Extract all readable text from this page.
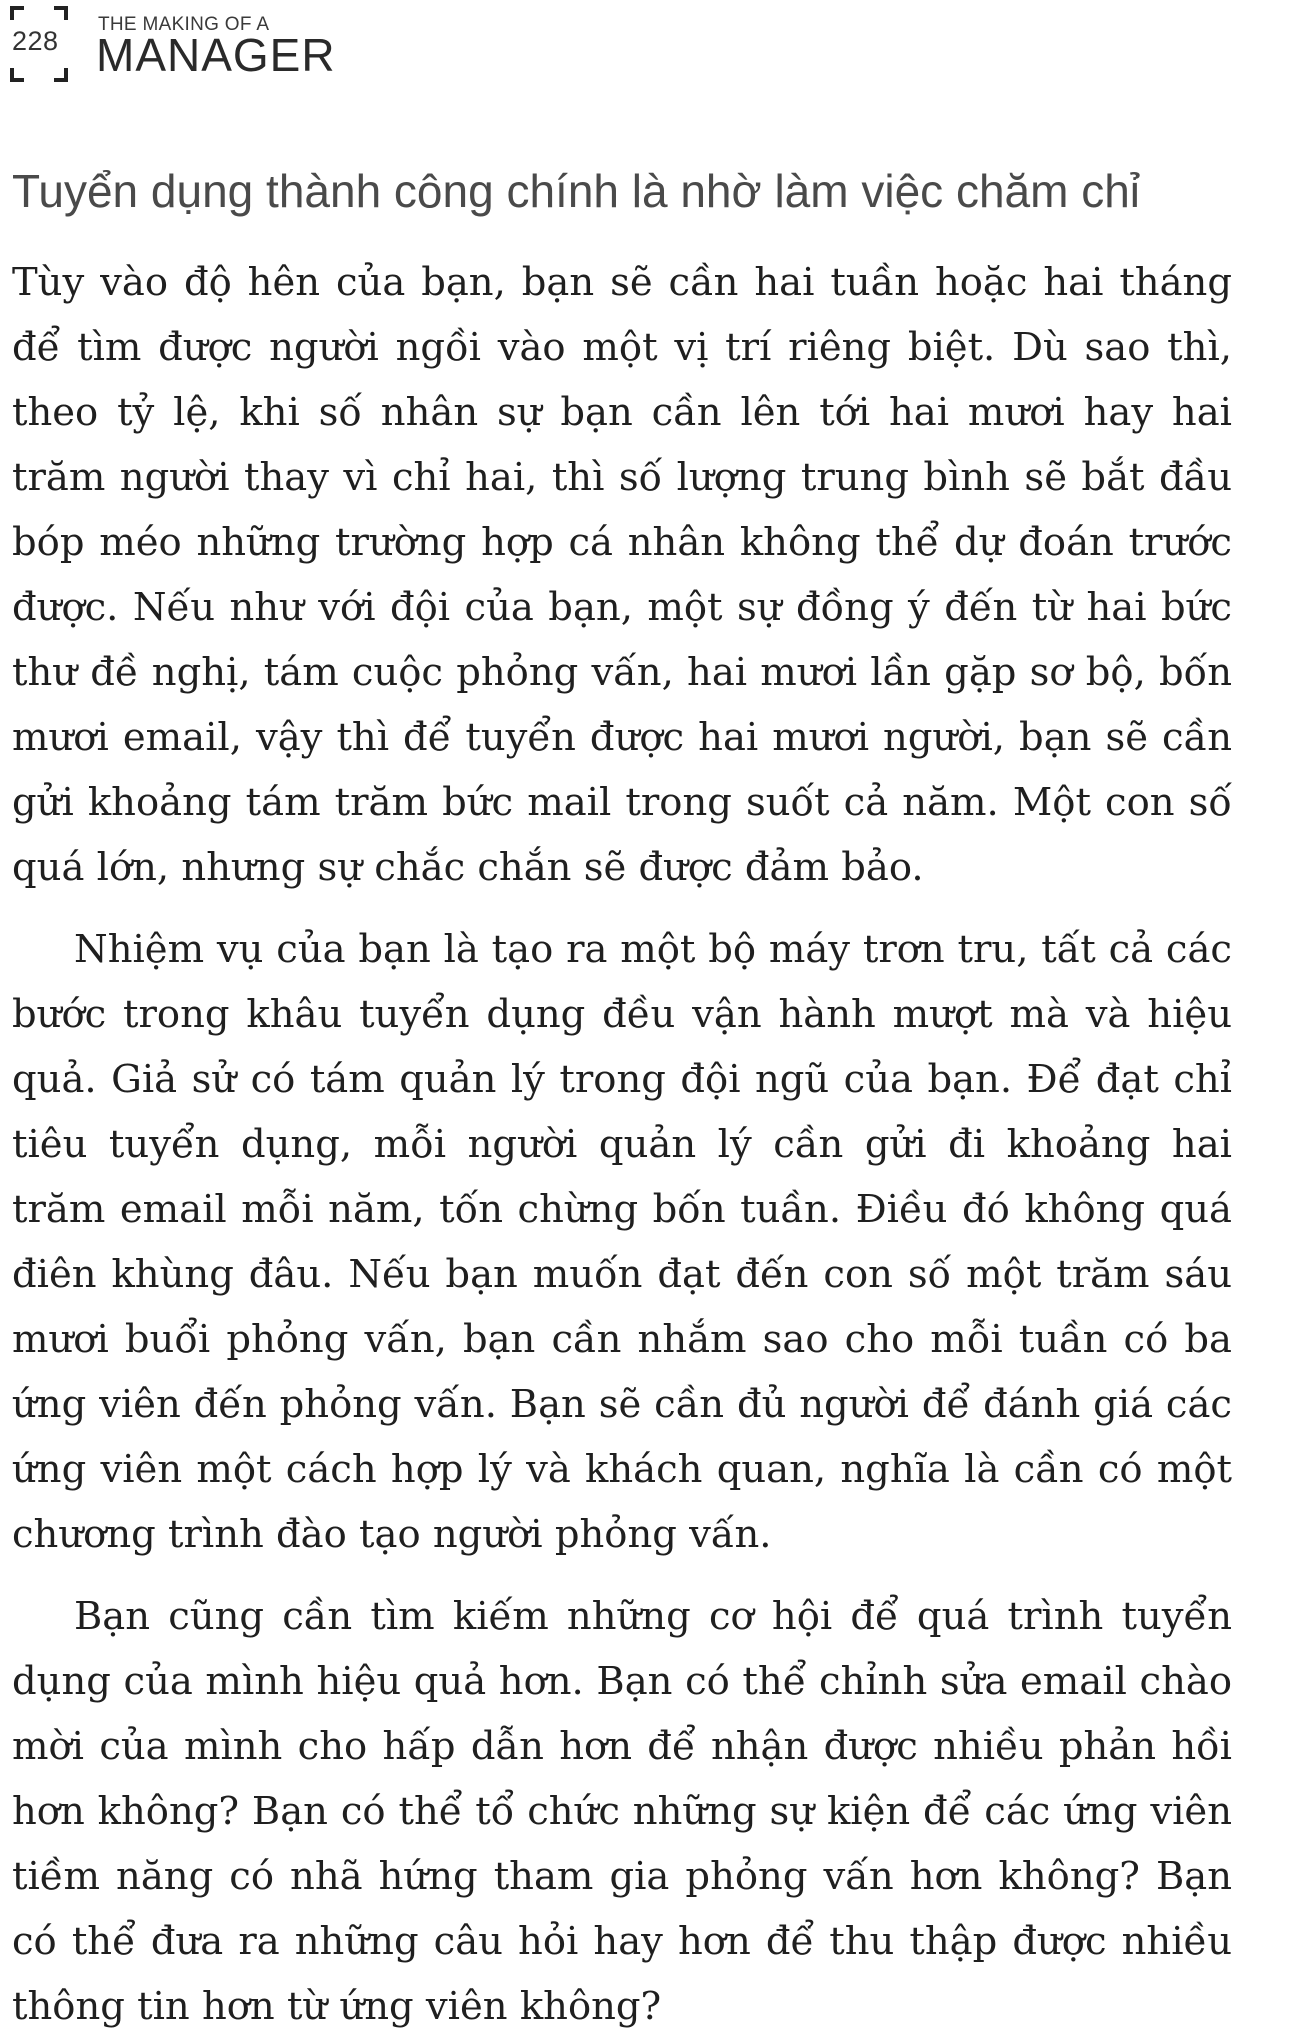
228
THE MAKING OF A
MANAGER
Tuyển dụng thành công chính là nhờ làm việc chăm chỉ

Tùy vào độ hên của bạn, bạn sẽ cần hai tuần hoặc hai tháng để tìm được người ngồi vào một vị trí riêng biệt. Dù sao thì, theo tỷ lệ, khi số nhân sự bạn cần lên tới hai mươi hay hai trăm người thay vì chỉ hai, thì số lượng trung bình sẽ bắt đầu bóp méo những trường hợp cá nhân không thể dự đoán trước được. Nếu như với đội của bạn, một sự đồng ý đến từ hai bức thư đề nghị, tám cuộc phỏng vấn, hai mươi lần gặp sơ bộ, bốn mươi email, vậy thì để tuyển được hai mươi người, bạn sẽ cần gửi khoảng tám trăm bức mail trong suốt cả năm. Một con số quá lớn, nhưng sự chắc chắn sẽ được đảm bảo.

Nhiệm vụ của bạn là tạo ra một bộ máy trơn tru, tất cả các bước trong khâu tuyển dụng đều vận hành mượt mà và hiệu quả. Giả sử có tám quản lý trong đội ngũ của bạn. Để đạt chỉ tiêu tuyển dụng, mỗi người quản lý cần gửi đi khoảng hai trăm email mỗi năm, tốn chừng bốn tuần. Điều đó không quá điên khùng đâu. Nếu bạn muốn đạt đến con số một trăm sáu mươi buổi phỏng vấn, bạn cần nhắm sao cho mỗi tuần có ba ứng viên đến phỏng vấn. Bạn sẽ cần đủ người để đánh giá các ứng viên một cách hợp lý và khách quan, nghĩa là cần có một chương trình đào tạo người phỏng vấn.

Bạn cũng cần tìm kiếm những cơ hội để quá trình tuyển dụng của mình hiệu quả hơn. Bạn có thể chỉnh sửa email chào mời của mình cho hấp dẫn hơn để nhận được nhiều phản hồi hơn không? Bạn có thể tổ chức những sự kiện để các ứng viên tiềm năng có nhã hứng tham gia phỏng vấn hơn không? Bạn có thể đưa ra những câu hỏi hay hơn để thu thập được nhiều thông tin hơn từ ứng viên không?
